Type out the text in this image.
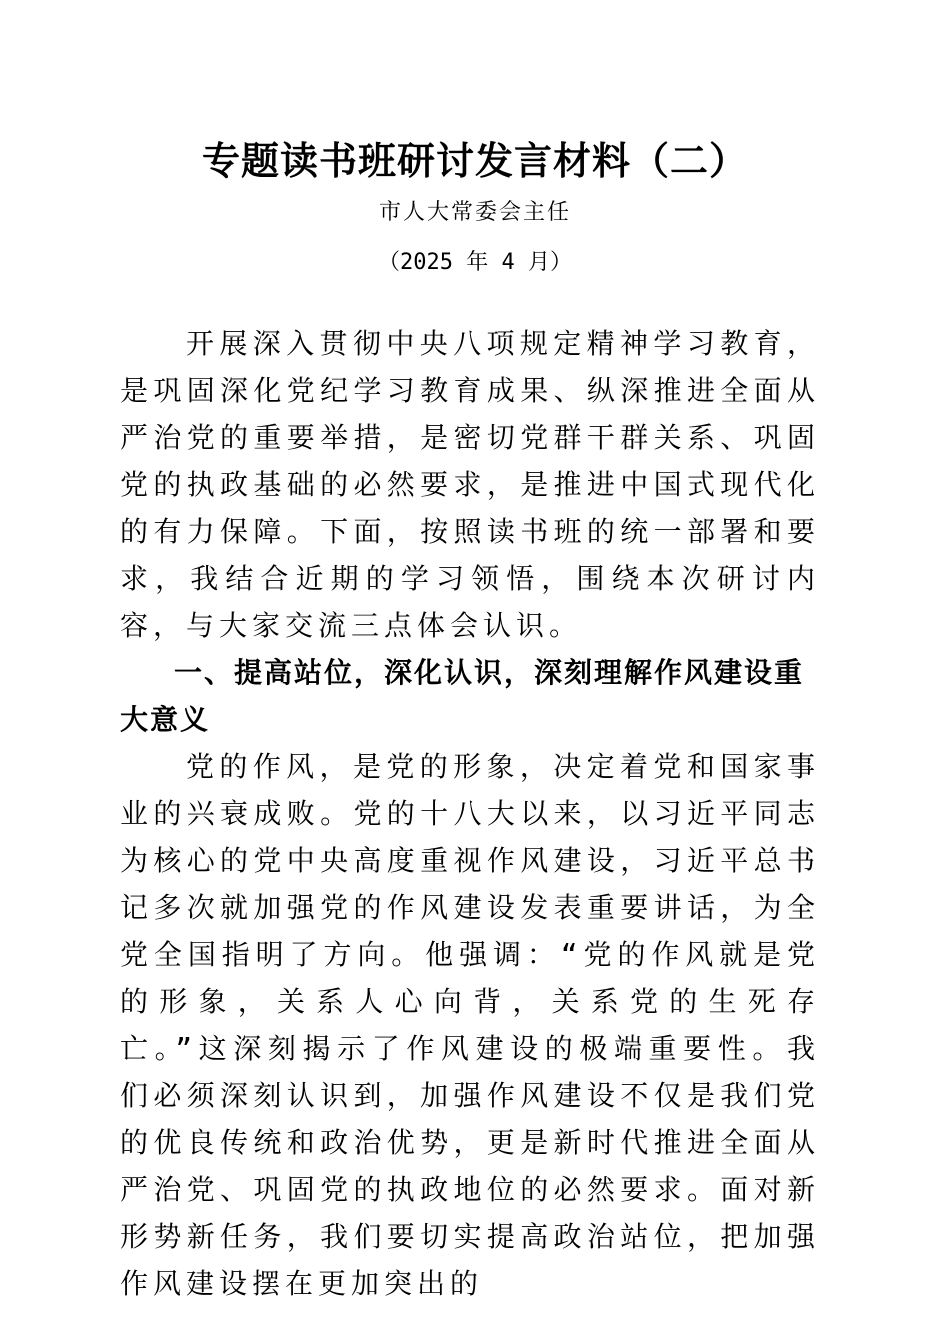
专题读书班研讨发言材料（二）
市人大常委会主任
（2025 年 4 月）

开展深入贯彻中央八项规定精神学习教育，是巩固深化党纪学习教育成果、纵深推进全面从严治党的重要举措，是密切党群干群关系、巩固党的执政基础的必然要求，是推进中国式现代化的有力保障。下面，按照读书班的统一部署和要求，我结合近期的学习领悟，围绕本次研讨内容，与大家交流三点体会认识。

一、提高站位，深化认识，深刻理解作风建设重大意义

党的作风，是党的形象，决定着党和国家事业的兴衰成败。党的十八大以来，以习近平同志为核心的党中央高度重视作风建设，习近平总书记多次就加强党的作风建设发表重要讲话，为全党全国指明了方向。他强调：“党的作风就是党的形象，关系人心向背，关系党的生死存亡。”这深刻揭示了作风建设的极端重要性。我们必须深刻认识到，加强作风建设不仅是我们党的优良传统和政治优势，更是新时代推进全面从严治党、巩固党的执政地位的必然要求。面对新形势新任务，我们要切实提高政治站位，把加强作风建设摆在更加突出的
